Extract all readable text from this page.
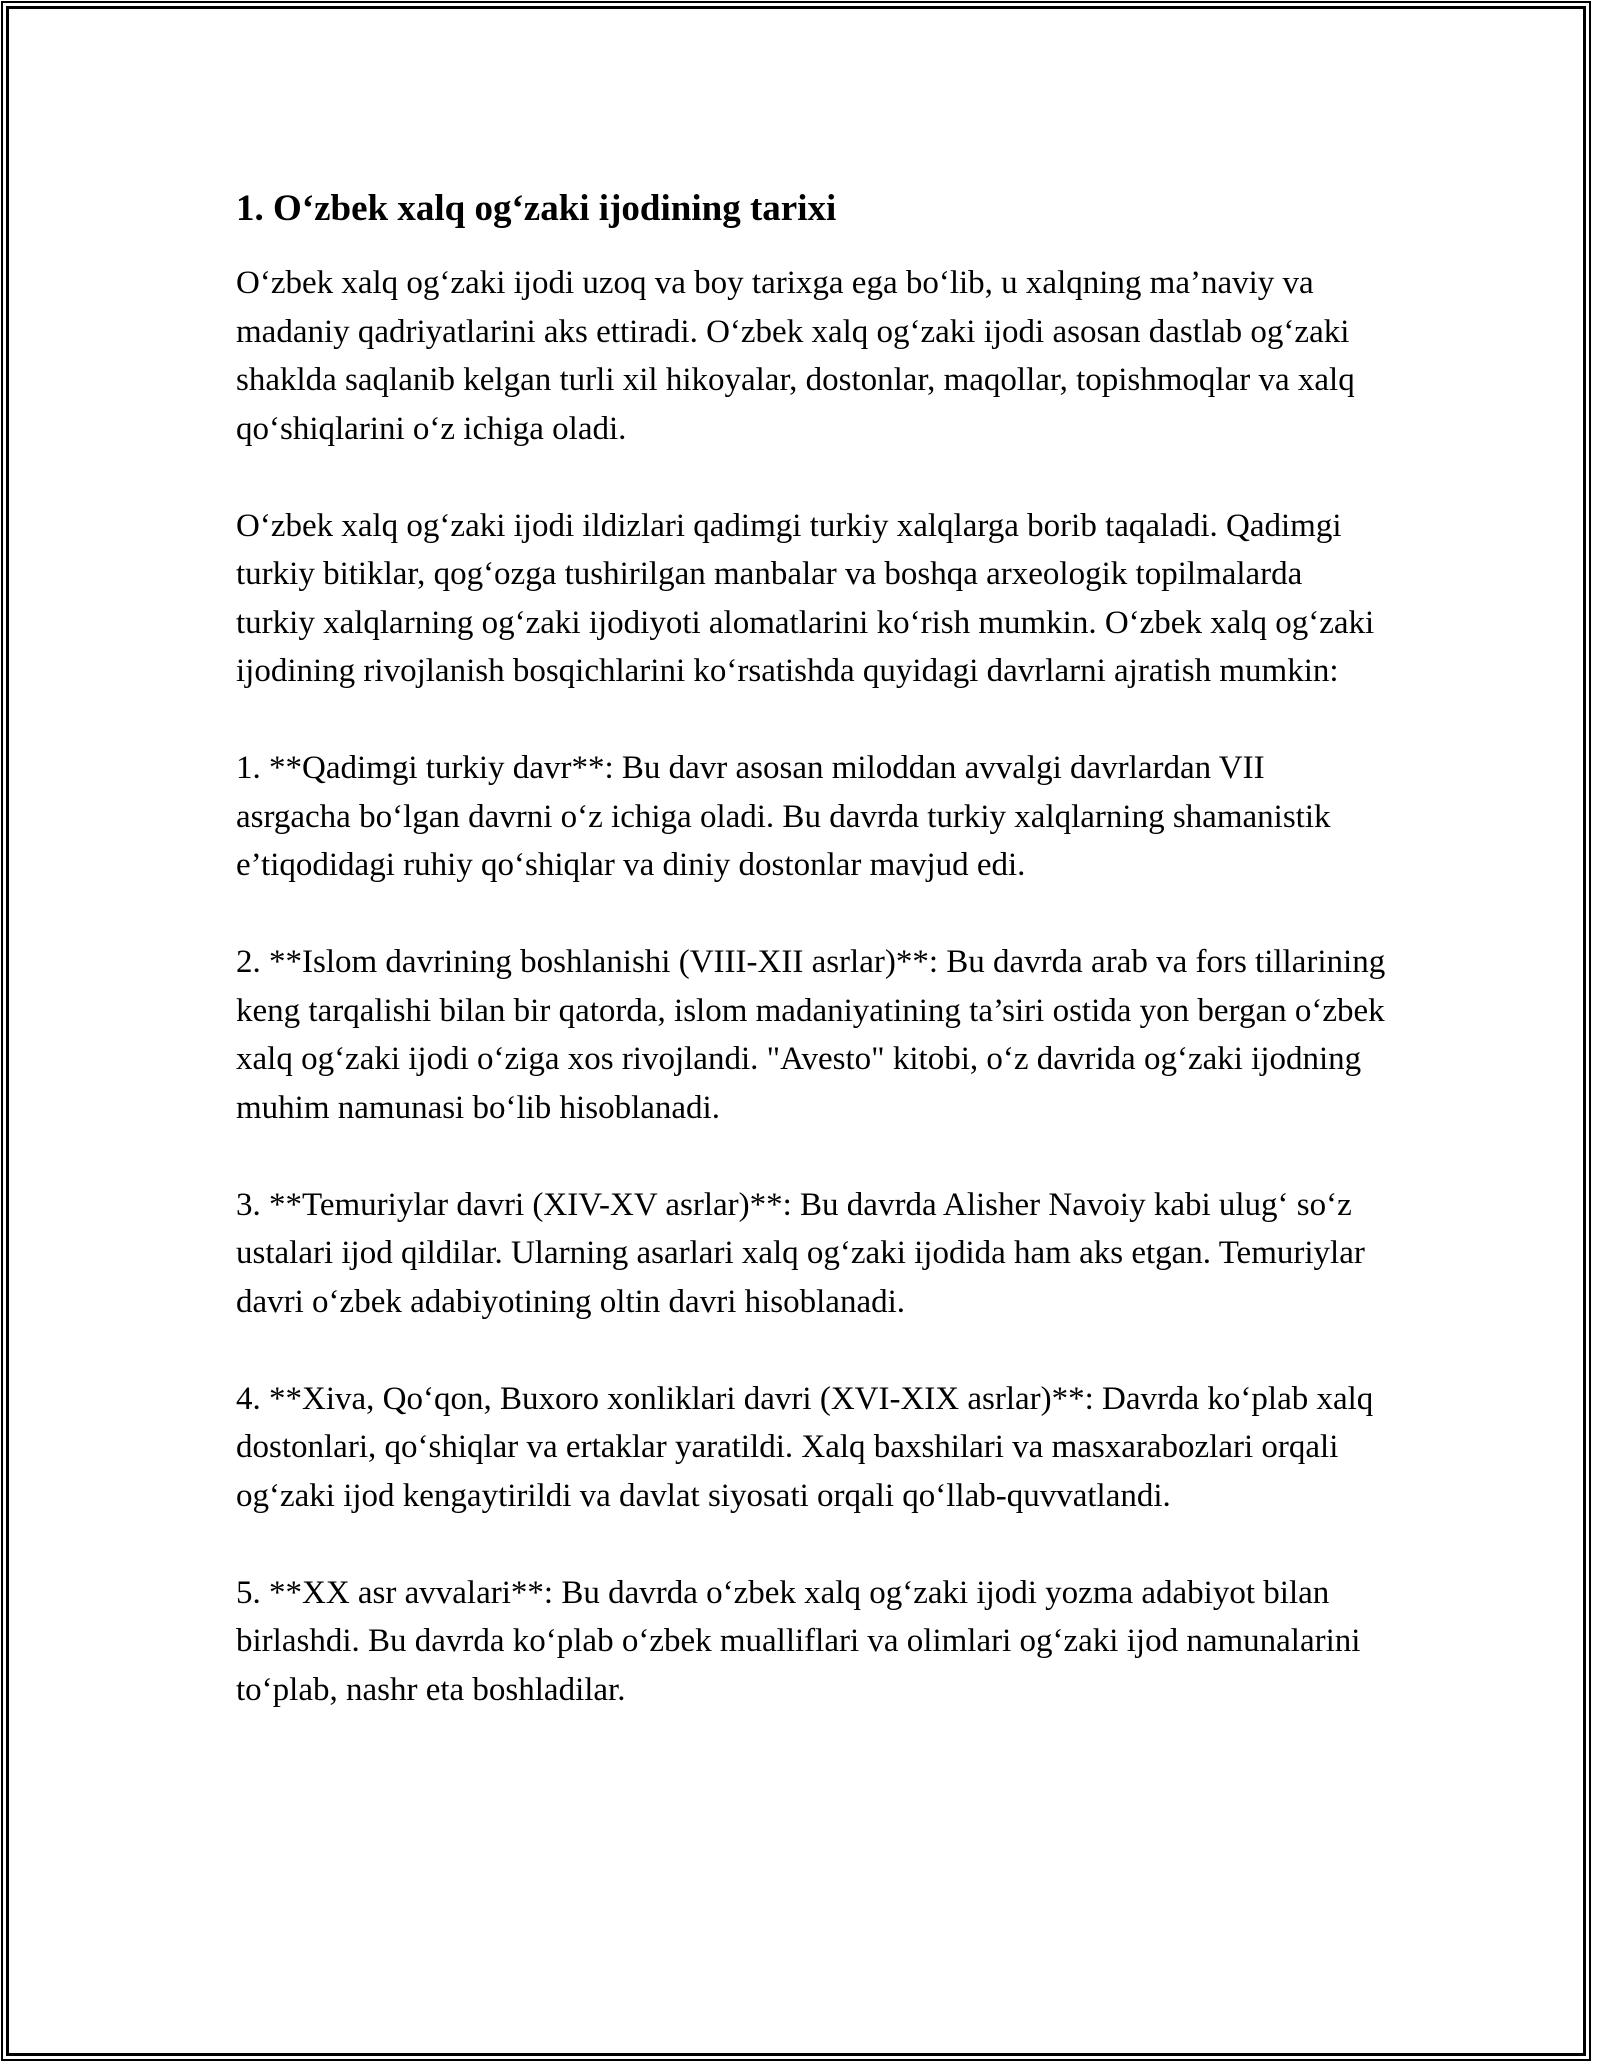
1. O‘zbek xalq og‘zaki ijodining tarixi

O‘zbek xalq og‘zaki ijodi uzoq va boy tarixga ega bo‘lib, u xalqning ma’naviy va madaniy qadriyatlarini aks ettiradi. O‘zbek xalq og‘zaki ijodi asosan dastlab og‘zaki shaklda saqlanib kelgan turli xil hikoyalar, dostonlar, maqollar, topishmoqlar va xalq qo‘shiqlarini o‘z ichiga oladi.

O‘zbek xalq og‘zaki ijodi ildizlari qadimgi turkiy xalqlarga borib taqaladi. Qadimgi turkiy bitiklar, qog‘ozga tushirilgan manbalar va boshqa arxeologik topilmalarda turkiy xalqlarning og‘zaki ijodiyoti alomatlarini ko‘rish mumkin. O‘zbek xalq og‘zaki ijodining rivojlanish bosqichlarini ko‘rsatishda quyidagi davrlarni ajratish mumkin:

1. **Qadimgi turkiy davr**: Bu davr asosan miloddan avvalgi davrlardan VII asrgacha bo‘lgan davrni o‘z ichiga oladi. Bu davrda turkiy xalqlarning shamanistik e’tiqodidagi ruhiy qo‘shiqlar va diniy dostonlar mavjud edi.

2. **Islom davrining boshlanishi (VIII-XII asrlar)**: Bu davrda arab va fors tillarining keng tarqalishi bilan bir qatorda, islom madaniyatining ta’siri ostida yon bergan o‘zbek xalq og‘zaki ijodi o‘ziga xos rivojlandi. "Avesto" kitobi, o‘z davrida og‘zaki ijodning muhim namunasi bo‘lib hisoblanadi.

3. **Temuriylar davri (XIV-XV asrlar)**: Bu davrda Alisher Navoiy kabi ulug‘ so‘z ustalari ijod qildilar. Ularning asarlari xalq og‘zaki ijodida ham aks etgan. Temuriylar davri o‘zbek adabiyotining oltin davri hisoblanadi.

4. **Xiva, Qo‘qon, Buxoro xonliklari davri (XVI-XIX asrlar)**: Davrda ko‘plab xalq dostonlari, qo‘shiqlar va ertaklar yaratildi. Xalq baxshilari va masxarabozlari orqali og‘zaki ijod kengaytirildi va davlat siyosati orqali qo‘llab-quvvatlandi.

5. **XX asr avvalari**: Bu davrda o‘zbek xalq og‘zaki ijodi yozma adabiyot bilan birlashdi. Bu davrda ko‘plab o‘zbek mualliflari va olimlari og‘zaki ijod namunalarini to‘plab, nashr eta boshladilar.
